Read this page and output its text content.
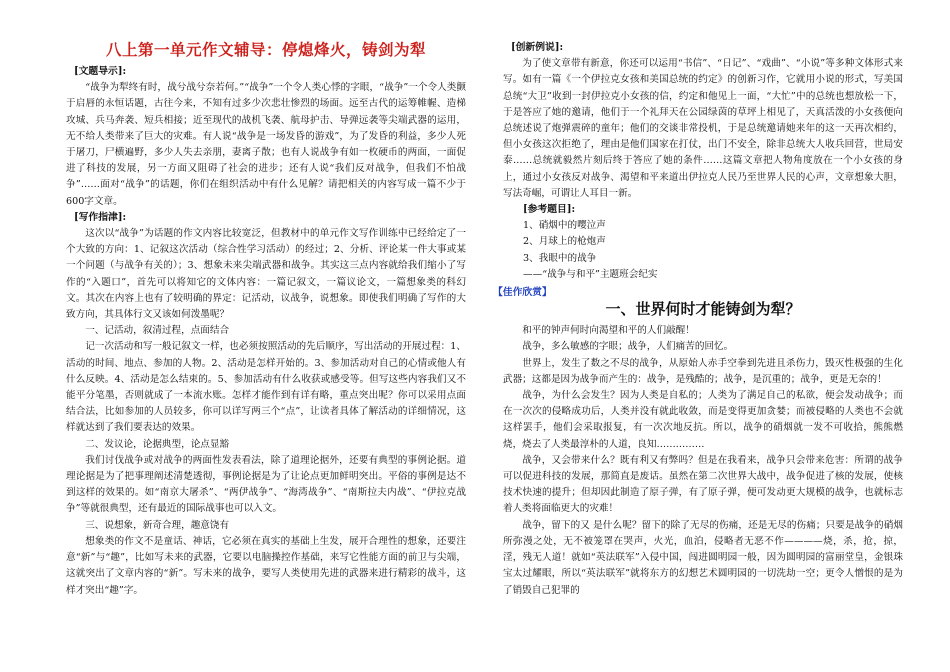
八上第一单元作文辅导：停熄烽火，铸剑为犁
[文题导示]:

“战争为犁终有时，战兮战兮奈若何。”“战争”一个令人类心悸的字眼，“战争”一个令人类颤于启唇的永恒话题，古往今来，不知有过多少次悲壮惨烈的场面。远至古代的运筹帷幄、造梯攻城、兵马奔袭、短兵相接；近至现代的战机飞袭、航母护击、导弹远袭等尖端武器的运用，无不给人类带来了巨大的灾难。有人说“战争是一场发昏的游戏”，为了发昏的利益，多少人死于屠刀，尸横遍野，多少人失去亲朋，妻离子散；也有人说战争有如一枚硬币的两面，一面促进了科技的发展，另一方面又阻碍了社会的进步；还有人说“我们反对战争，但我们不怕战争”……面对“战争”的话题，你们在组织活动中有什么见解？请把相关的内容写成一篇不少于600字文章。

[写作指津]:

这次以“战争”为话题的作文内容比较宽泛，但教材中的单元作文写作训练中已经给定了一个大致的方向：1、记叙这次活动（综合性学习活动）的经过；2、分析、评论某一件大事或某一个问题（与战争有关的）；3、想象未来尖端武器和战争。其实这三点内容就给我们缩小了写作的“入题口”，首先可以将知它的文体内容：一篇记叙文，一篇议论文，一篇想象类的科幻文。其次在内容上也有了较明确的界定：记活动，议战争，说想象。即使我们明确了写作的大致方向，其具体行文又该如何泼墨呢？

一、记活动，叙清过程，点面结合

记一次活动和写一般记叙文一样，也必须按照活动的先后顺序，写出活动的开展过程：1、活动的时间、地点、参加的人物。2、活动是怎样开始的。3、参加活动对自己的心情或他人有什么反映。4、活动是怎么结束的。5、参加活动有什么收获或感受等。但写这些内容我们又不能平分笔墨，否则就成了一本流水账。怎样才能作到有详有略，重点突出呢？你可以采用点面结合法，比如参加的人员较多，你可以详写两三个“点”，让读者具体了解活动的详细情况，这样就达到了我们要表达的效果。

二、发议论，论据典型，论点显豁

我们讨伐战争或对战争的两面性发表看法，除了道理论据外，还要有典型的事例论据。道理论据是为了把事理阐述清楚透彻，事例论据是为了让论点更加鲜明突出。平俗的事例是达不到这样的效果的。如“南京大屠杀”、“两伊战争”、“海湾战争”、“南斯拉夫内战”、“伊拉克战争”等就很典型，还有最近的国际战事也可以入文。

三、说想象，新奇合理，趣意饶有

想象类的作文不是童话、神话，它必须在真实的基础上生发，展开合理性的想象，还要注意“新”与“趣”，比如写未来的武器，它要以电脑操控作基础，来写它性能方面的前卫与尖端，这就突出了文章内容的“新”。写未来的战争，要写人类使用先进的武器来进行精彩的战斗，这样才突出“趣”字。

[创新例说]:

为了使文章带有新意，你还可以运用“书信”、“日记”、“戏曲”、“小说”等多种文体形式来写。如有一篇《一个伊拉克女孩和美国总统的约定》的创新习作，它就用小说的形式，写美国总统“大卫”收到一封伊拉克小女孩的信，约定和他见上一面，“大忙”中的总统也想放松一下，于是答应了她的邀请，他们于一个礼拜天在公园绿茵的草坪上相见了，天真活泼的小女孩便向总统述说了炮弹震碎的童年；他们的交谈非常投机，于是总统邀请她来年的这一天再次相约，但小女孩这次拒绝了，理由是他们国家在打仗，出门不安全，除非总统大人收兵回营，世局安泰……总统就毅然片刻后终于答应了她的条件……这篇文章把人物角度放在一个小女孩的身上，通过小女孩反对战争、渴望和平来道出伊拉克人民乃至世界人民的心声，文章想象大胆，写法奇崛，可谓让人耳目一新。

[参考题目]:
1、硝烟中的嘤泣声
2、月球上的枪炮声
3、我眼中的战争
——“战争与和平”主题班会纪实
【佳作欣赏】
一、世界何时才能铸剑为犁？

和平的钟声何时向渴望和平的人们敲醒！

战争，多么敏感的字眼；战争，人们痛苦的回忆。

世界上，发生了数之不尽的战争，从原始人赤手空拳到先进且杀伤力，毁灭性极强的生化武器；这都是因为战争而产生的：战争，是残酷的；战争，是沉重的；战争，更是无奈的！

战争，为什么会发生？因为人类是自私的；人类为了满足自己的私欲，便会发动战争；而在一次次的侵略成功后，人类并没有就此收敛，而是变得更加贪婪；而被侵略的人类也不会就这样罢手，他们会采取报复，有一次次地反抗。所以，战争的硝烟就一发不可收拾，熊熊燃烧，烧去了人类最淳朴的人道，良知……………

战争，又会带来什么？既有利又有弊吗？但是在我看来，战争只会带来危害：所谓的战争可以促进科技的发展，那简直是废话。虽然在第二次世界大战中，战争促进了核的发展，使核技术快速的提升；但却因此制造了原子弹，有了原子弹，便可发动更大规模的战争，也就标志着人类将面临更大的灾难！

战争，留下的又 是什么呢？留下的除了无尽的伤痛，还是无尽的伤痛；只要是战争的硝烟所弥漫之处，无不被笼罩在哭声，火光，血泊，侵略者无恶不作————烧，杀，抢，掠，淫，残无人道！就如“英法联军”入侵中国，闯进圆明园一般，因为圆明园的富丽堂皇，金银珠宝太过耀眼，所以“英法联军”就将东方的幻想艺术圆明园的一切洗劫一空；更令人憎恨的是为了销毁自己犯罪的
